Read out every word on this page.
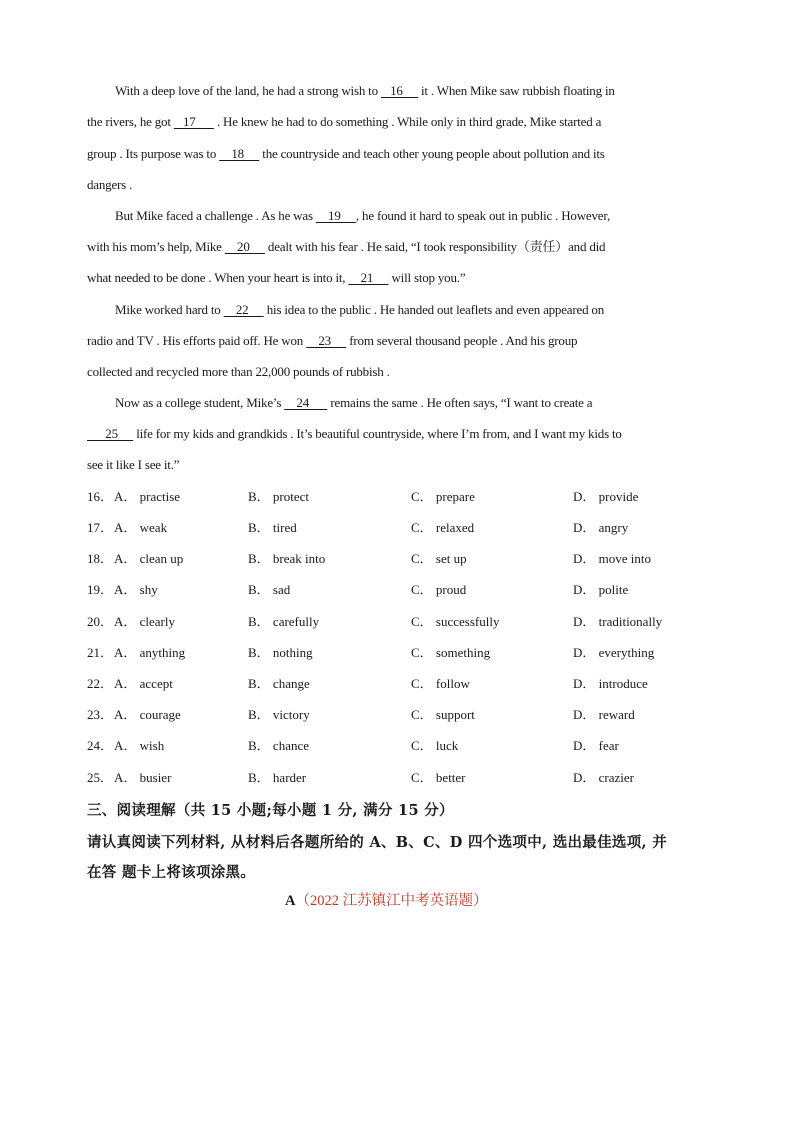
With a deep love of the land, he had a strong wish to    16      it . When Mike saw rubbish floating in
the rivers, he got    17       . He knew he had to do something . While only in third grade, Mike started a
group . Its purpose was to     18      the countryside and teach other young people about pollution and its
dangers .
But Mike faced a challenge . As he was     19     , he found it hard to speak out in public . However,
with his mom’s help, Mike     20      dealt with his fear . He said, “I took responsibility（责任）and did
what needed to be done . When your heart is into it,     21      will stop you.”
Mike worked hard to     22      his idea to the public . He handed out leaflets and even appeared on
radio and TV . His efforts paid off. He won     23      from several thousand people . And his group
collected and recycled more than 22,000 pounds of rubbish .
Now as a college student, Mike’s     24       remains the same . He often says, “I want to create a
25      life for my kids and grandkids . It’s beautiful countryside, where I’m from, and I want my kids to
see it like I see it.”
16． A． practise	B． protect	C． prepare	D． provide
17． A． weak	B． tired	C． relaxed	D． angry
18． A． clean up	B． break into	C． set up	D． move into
19． A． shy	B． sad	C． proud	D． polite
20． A． clearly	B． carefully	C． successfully	D． traditionally
21． A． anything	B． nothing	C． something	D． everything
22． A． accept	B． change	C． follow	D． introduce
23． A． courage	B． victory	C． support	D． reward
24． A． wish	B． chance	C． luck	D． fear
25． A． busier	B． harder	C． better	D． crazier
三、阅读理解（共 15 小题;每小题 1 分, 满分 15 分）
请认真阅读下列材料, 从材料后各题所给的 A、B、C、D 四个选项中, 选出最佳选项, 并
在答 题卡上将该项涂黑。
A（2022 江苏镇江中考英语题）
